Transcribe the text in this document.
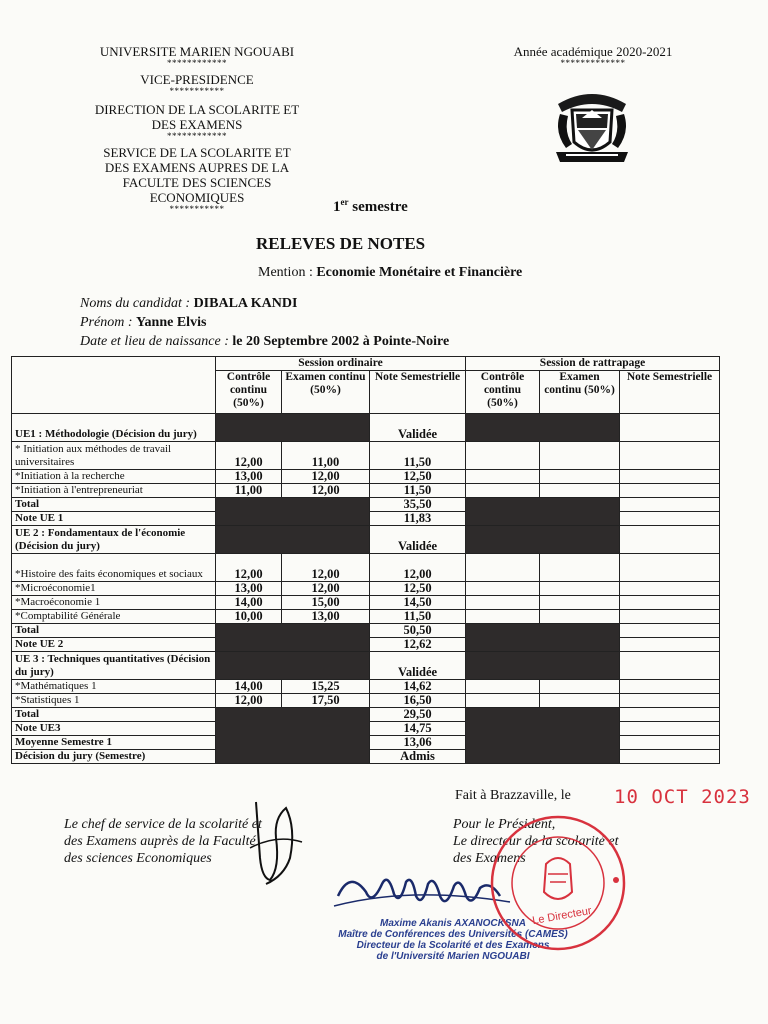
UNIVERSITE MARIEN NGOUABI
************
VICE-PRESIDENCE
***********
DIRECTION DE LA SCOLARITE ET
DES EXAMENS
************
SERVICE DE LA SCOLARITE ET
DES EXAMENS AUPRES DE LA
FACULTE DES SCIENCES
ECONOMIQUES
***********
Année académique 2020-2021
*************
1er semestre
RELEVES DE NOTES
Mention : Economie Monétaire et Financière
Noms du candidat : DIBALA KANDI
Prénom : Yanne Elvis
Date et lieu de naissance : le 20 Septembre 2002 à Pointe-Noire
	Session ordinaire			Session de rattrapage		
	Contrôle continu (50%)	Examen continu (50%)	Note Semestrielle	Contrôle continu (50%)	Examen continu (50%)	Note Semestrielle
UE1 : Méthodologie (Décision du jury)			Validée			
* Initiation aux méthodes de travail universitaires	12,00	11,00	11,50			
*Initiation à la recherche	13,00	12,00	12,50			
*Initiation à l'entrepreneuriat	11,00	12,00	11,50			
Total			35,50			
Note UE 1			11,83			
UE 2 : Fondamentaux de l'économie (Décision du jury)			Validée			
*Histoire des faits économiques et sociaux	12,00	12,00	12,00			
*Microéconomie1	13,00	12,00	12,50			
*Macroéconomie 1	14,00	15,00	14,50			
*Comptabilité Générale	10,00	13,00	11,50			
Total			50,50			
Note UE 2			12,62			
UE 3 : Techniques quantitatives (Décision du jury)			Validée			
*Mathématiques 1	14,00	15,25	14,62			
*Statistiques 1	12,00	17,50	16,50			
Total			29,50			
Note UE3			14,75			
Moyenne Semestre 1			13,06			
Décision du jury (Semestre)			Admis			
Fait à Brazzaville, le 10 OCT 2023
Le chef de service de la scolarité et
des Examens auprès de la Faculté
des sciences Economiques
Pour le Président,
Le directeur de la scolarité et
des Examens
Maxime Akanis AXANOCKSNA
Maître de Conférences des Universités (CAMES)
Directeur de la Scolarité et des Examens
de l'Université Marien NGOUABI
Le Directeur
